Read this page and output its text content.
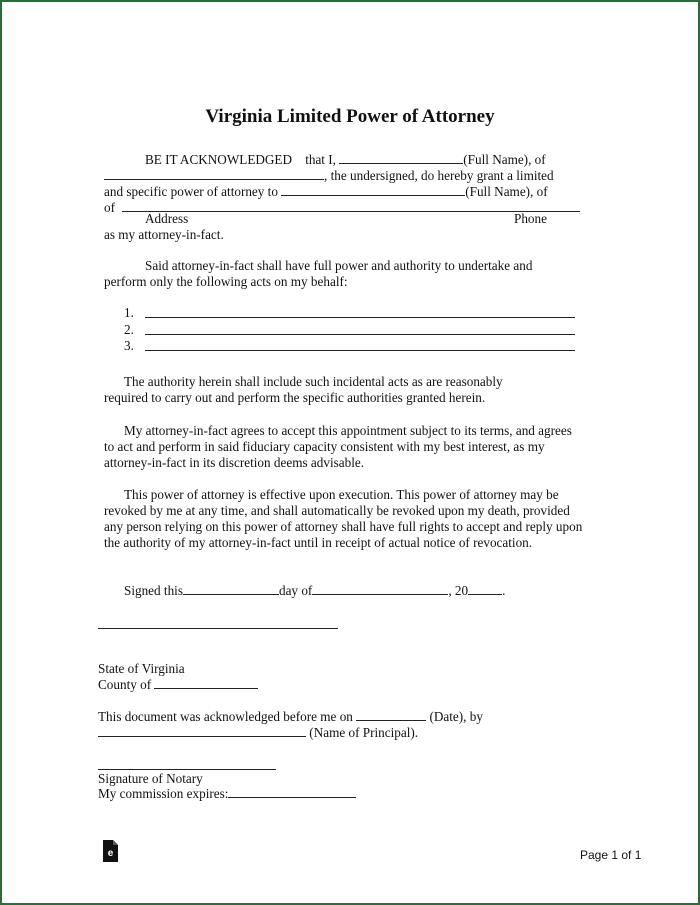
Virginia Limited Power of Attorney
BE IT ACKNOWLEDGED that I,	(Full Name), of
, the undersigned, do hereby grant a limited
and specific power of attorney to	(Full Name), of
of
Address	Phone
as my attorney-in-fact.
Said attorney-in-fact shall have full power and authority to undertake and perform only the following acts on my behalf:
1.
2.
3.
The authority herein shall include such incidental acts as are reasonably required to carry out and perform the specific authorities granted herein.
My attorney-in-fact agrees to accept this appointment subject to its terms, and agrees to act and perform in said fiduciary capacity consistent with my best interest, as my attorney-in-fact in its discretion deems advisable.
This power of attorney is effective upon execution. This power of attorney may be revoked by me at any time, and shall automatically be revoked upon my death, provided any person relying on this power of attorney shall have full rights to accept and reply upon the authority of my attorney-in-fact until in receipt of actual notice of revocation.
Signed this	day of	, 20	.
State of Virginia
County of
This document was acknowledged before me on	(Date), by
(Name of Principal).
Signature of Notary
My commission expires:
e	Page 1 of 1
